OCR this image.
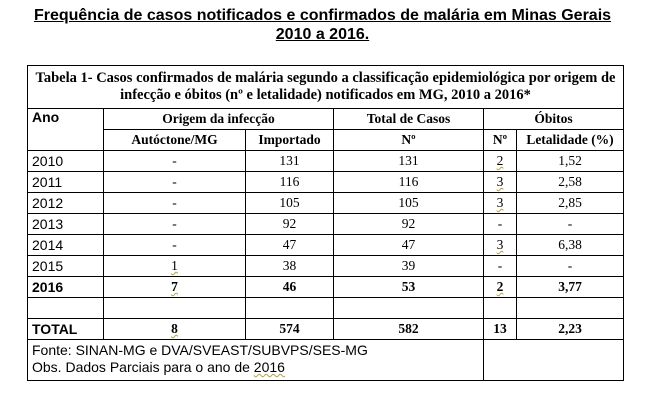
Frequência de casos notificados e confirmados de malária em Minas Gerais
2010 a 2016.
Tabela 1- Casos confirmados de malária segundo a classificação epidemiológica por origem de infecção e óbitos (nº e letalidade) notificados em MG, 2010 a 2016*					
Ano	Origem da infecção		Total de Casos	Óbitos	
	Autóctone/MG	Importado	Nº	Nº	Letalidade (%)
2010	-	131	131	2	1,52
2011	-	116	116	3	2,58
2012	-	105	105	3	2,85
2013	-	92	92	-	-
2014	-	47	47	3	6,38
2015	1	38	39	-	-
2016	7	46	53	2	3,77

TOTAL	8	574	582	13	2,23
Fonte: SINAN-MG e DVA/SVEAST/SUBVPS/SES-MG
Obs. Dados Parciais para o ano de 2016					
